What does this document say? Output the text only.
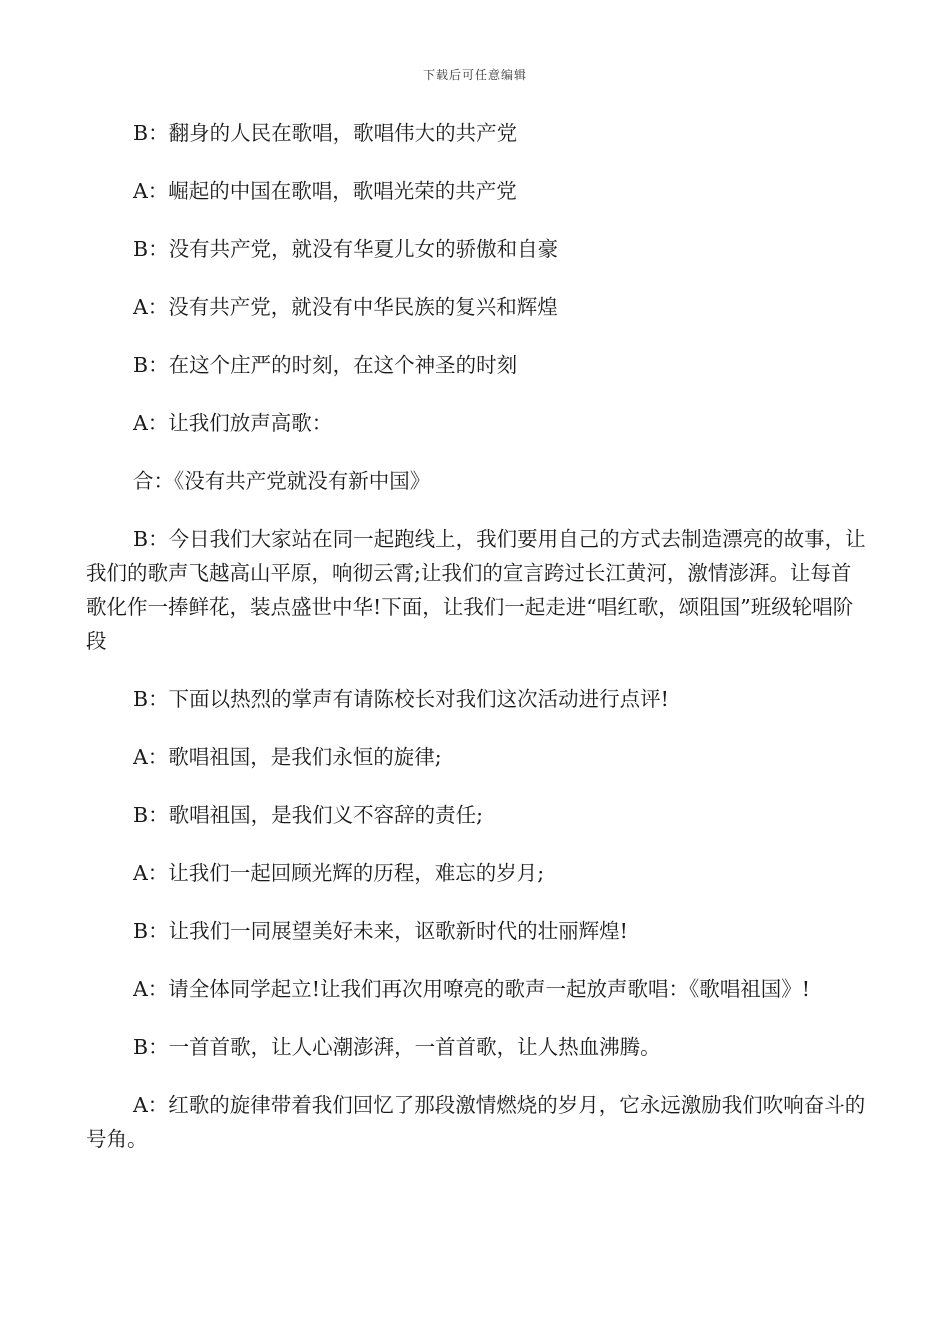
下载后可任意编辑

B：翻身的人民在歌唱，歌唱伟大的共产党

A：崛起的中国在歌唱，歌唱光荣的共产党

B：没有共产党，就没有华夏儿女的骄傲和自豪

A：没有共产党，就没有中华民族的复兴和辉煌

B：在这个庄严的时刻，在这个神圣的时刻

A：让我们放声高歌：

合：《没有共产党就没有新中国》

B：今日我们大家站在同一起跑线上，我们要用自己的方式去制造漂亮的故事，让我们的歌声飞越高山平原，响彻云霄;让我们的宣言跨过长江黄河，激情澎湃。让每首歌化作一捧鲜花，装点盛世中华!下面，让我们一起走进“唱红歌，颂阻国”班级轮唱阶段

B：下面以热烈的掌声有请陈校长对我们这次活动进行点评!

A：歌唱祖国，是我们永恒的旋律;

B：歌唱祖国，是我们义不容辞的责任;

A：让我们一起回顾光辉的历程，难忘的岁月;

B：让我们一同展望美好未来，讴歌新时代的壮丽辉煌!

A：请全体同学起立!让我们再次用嘹亮的歌声一起放声歌唱：《歌唱祖国》!

B：一首首歌，让人心潮澎湃，一首首歌，让人热血沸腾。

A：红歌的旋律带着我们回忆了那段激情燃烧的岁月，它永远激励我们吹响奋斗的号角。
